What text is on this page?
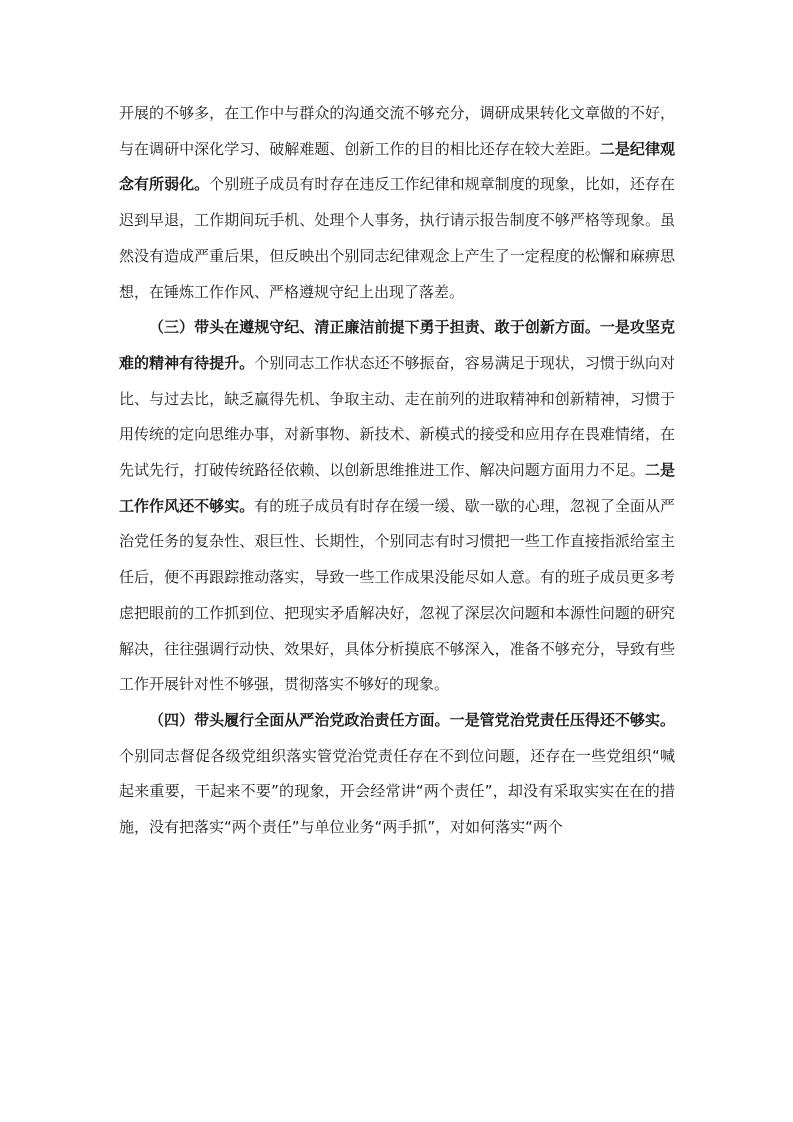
开展的不够多，在工作中与群众的沟通交流不够充分，调研成果转化文章做的不好，与在调研中深化学习、破解难题、创新工作的目的相比还存在较大差距。二是纪律观念有所弱化。个别班子成员有时存在违反工作纪律和规章制度的现象，比如，还存在迟到早退，工作期间玩手机、处理个人事务，执行请示报告制度不够严格等现象。虽然没有造成严重后果，但反映出个别同志纪律观念上产生了一定程度的松懈和麻痹思想，在锤炼工作作风、严格遵规守纪上出现了落差。

（三）带头在遵规守纪、清正廉洁前提下勇于担责、敢于创新方面。一是攻坚克难的精神有待提升。个别同志工作状态还不够振奋，容易满足于现状，习惯于纵向对比、与过去比，缺乏赢得先机、争取主动、走在前列的进取精神和创新精神，习惯于用传统的定向思维办事，对新事物、新技术、新模式的接受和应用存在畏难情绪，在先试先行，打破传统路径依赖、以创新思维推进工作、解决问题方面用力不足。二是工作作风还不够实。有的班子成员有时存在缓一缓、歇一歇的心理，忽视了全面从严治党任务的复杂性、艰巨性、长期性，个别同志有时习惯把一些工作直接指派给室主任后，便不再跟踪推动落实，导致一些工作成果没能尽如人意。有的班子成员更多考虑把眼前的工作抓到位、把现实矛盾解决好，忽视了深层次问题和本源性问题的研究解决，往往强调行动快、效果好，具体分析摸底不够深入，准备不够充分，导致有些工作开展针对性不够强，贯彻落实不够好的现象。

（四）带头履行全面从严治党政治责任方面。一是管党治党责任压得还不够实。个别同志督促各级党组织落实管党治党责任存在不到位问题，还存在一些党组织“喊起来重要，干起来不要”的现象，开会经常讲“两个责任”，却没有采取实实在在的措施，没有把落实“两个责任”与单位业务“两手抓”，对如何落实“两个
